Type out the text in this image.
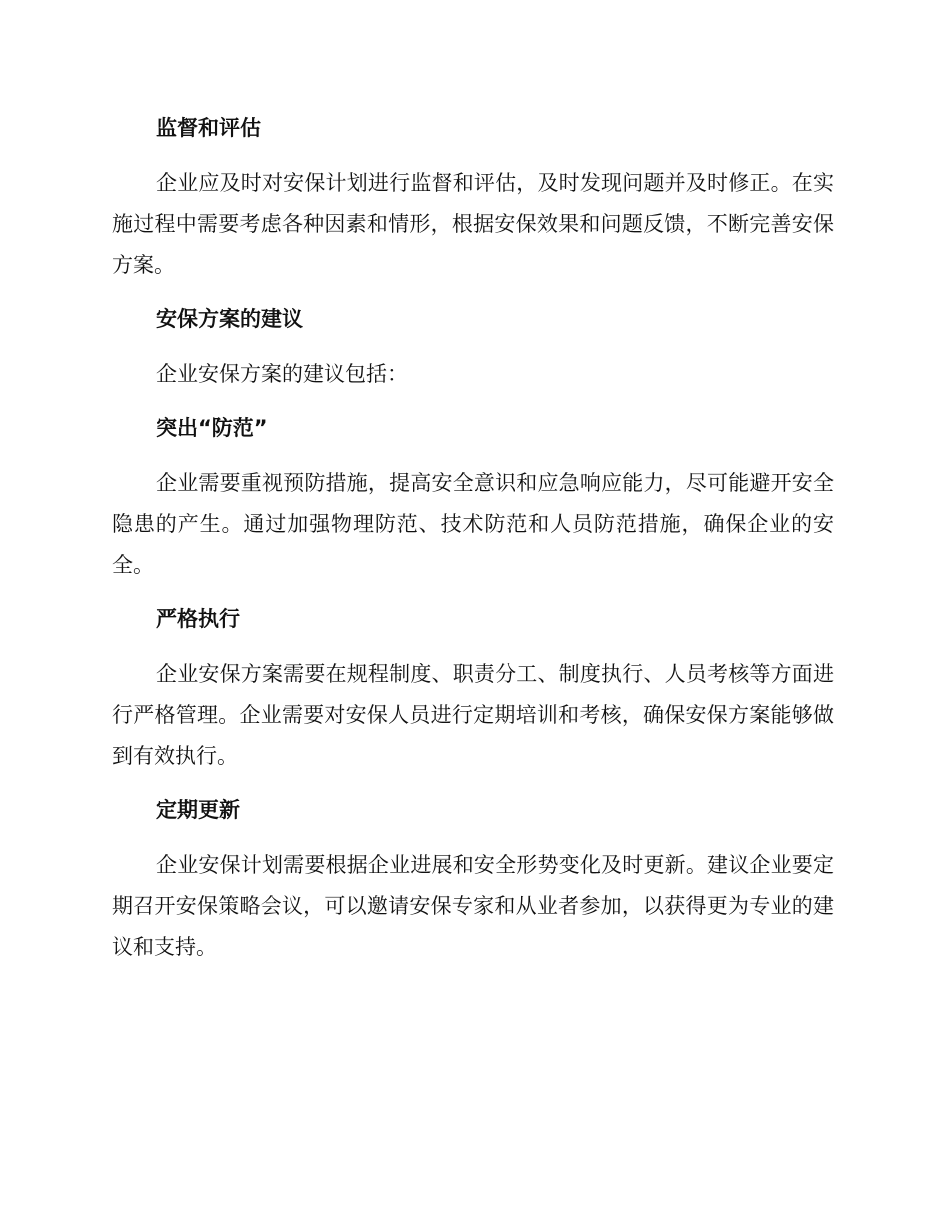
监督和评估

企业应及时对安保计划进行监督和评估，及时发现问题并及时修正。在实施过程中需要考虑各种因素和情形，根据安保效果和问题反馈，不断完善安保方案。

安保方案的建议

企业安保方案的建议包括：

突出“防范”

企业需要重视预防措施，提高安全意识和应急响应能力，尽可能避开安全隐患的产生。通过加强物理防范、技术防范和人员防范措施，确保企业的安全。

严格执行

企业安保方案需要在规程制度、职责分工、制度执行、人员考核等方面进行严格管理。企业需要对安保人员进行定期培训和考核，确保安保方案能够做到有效执行。

定期更新

企业安保计划需要根据企业进展和安全形势变化及时更新。建议企业要定期召开安保策略会议，可以邀请安保专家和从业者参加，以获得更为专业的建议和支持。
